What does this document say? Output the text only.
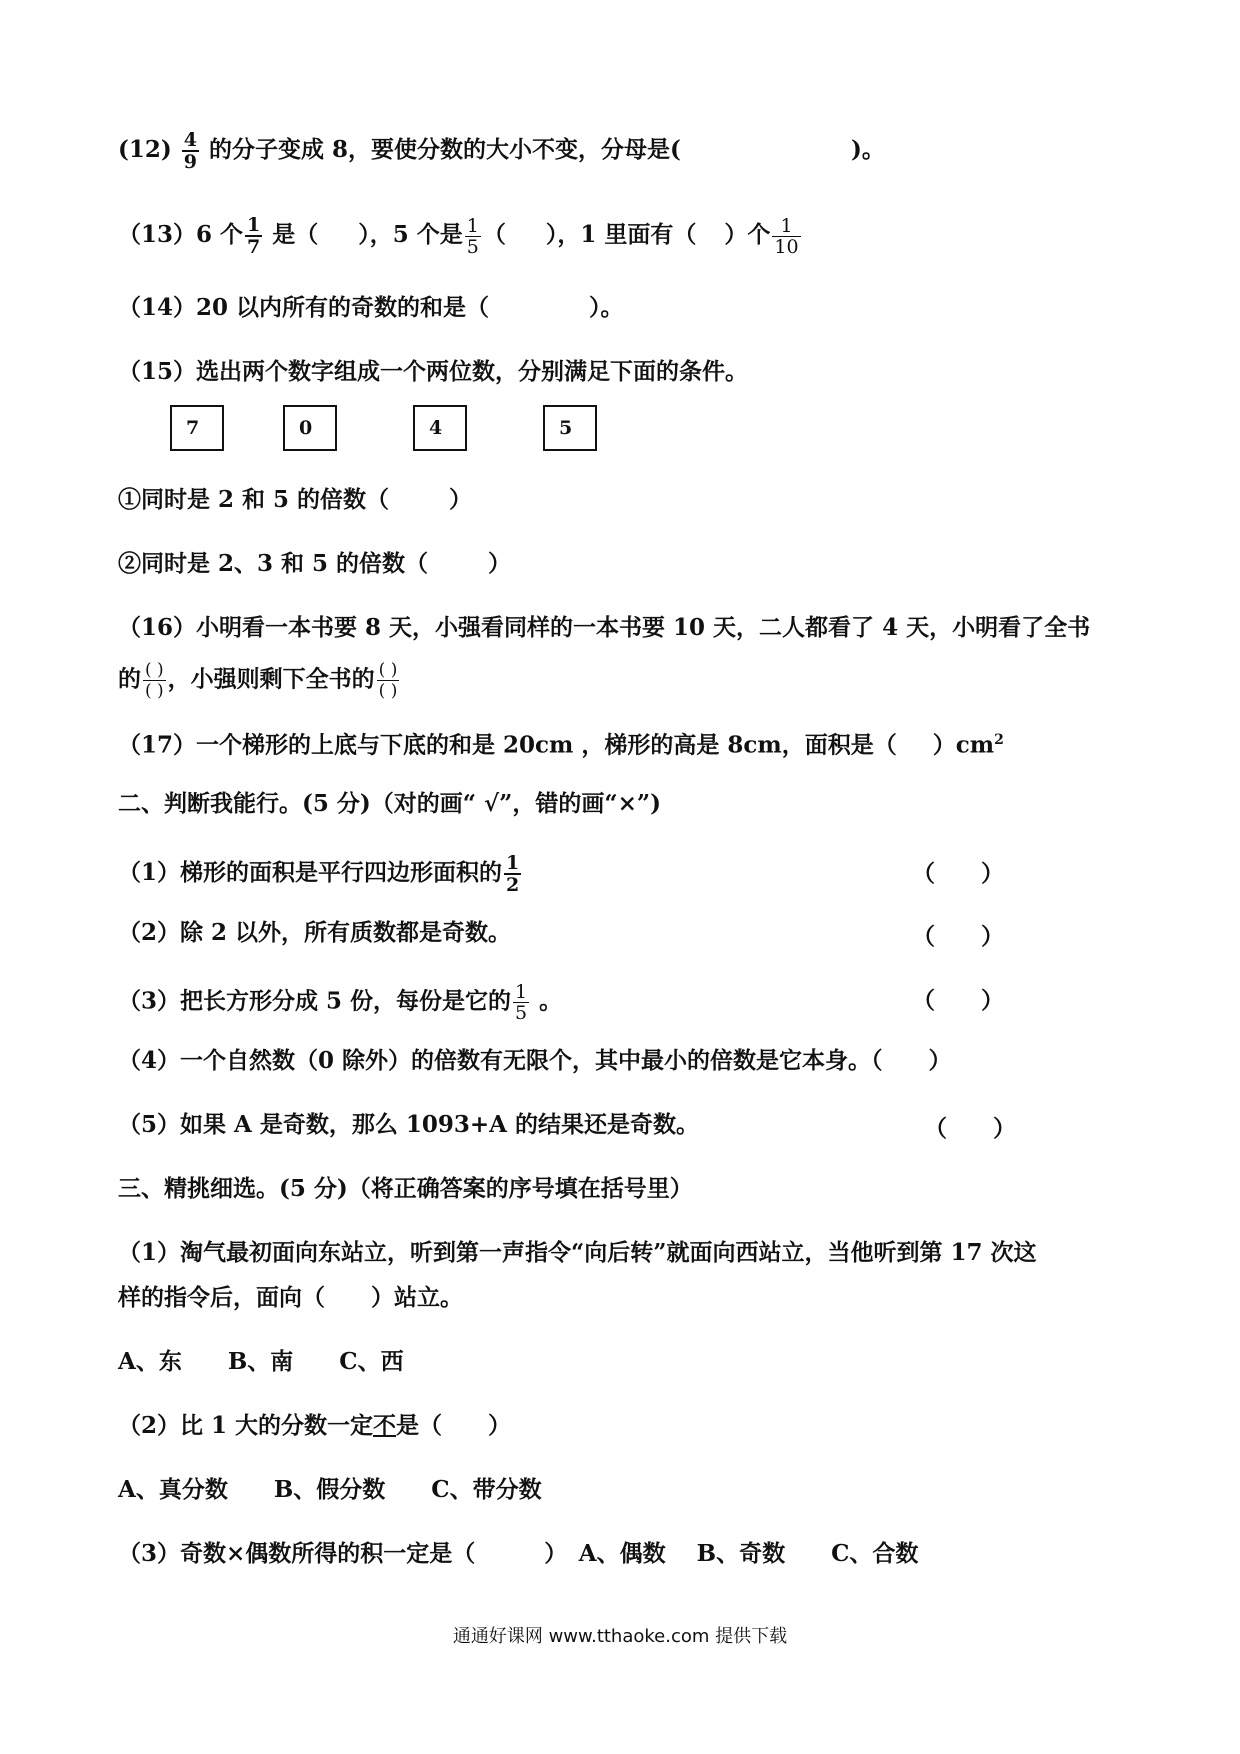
$(12) \frac{4}{9}$ 的分子变成 8，要使分数的大小不变，分母是(	)。
（13）6 个 $\frac{1}{7}$ 是（ ），5 个是 $\frac{1}{5}$ （ ），1 里面有（ ）个 $\frac{1}{10}$
（14）20 以内所有的奇数的和是（	）。
（15）选出两个数字组成一个两位数，分别满足下面的条件。
7	0	4	5
①同时是 2 和 5 的倍数（	）
②同时是 2、3 和 5 的倍数（	）
（16）小明看一本书要 8 天，小强看同样的一本书要 10 天，二人都看了 4 天，小明看了全书
的 $\frac{( )}{( )}$ ，小强则剩下全书的 $\frac{( )}{( )}$
（17）一个梯形的上底与下底的和是 20cm ，梯形的高是 8cm，面积是（ ）$cm^2$
二、判断我能行。(5 分)（对的画“ √”，错的画“×”)
（1）梯形的面积是平行四边形面积的 $\frac{1}{2}$	（　　）
（2）除 2 以外，所有质数都是奇数。	（　　）
（3）把长方形分成 5 份，每份是它的 $\frac{1}{5}$ 。	（　　）
（4）一个自然数（0 除外）的倍数有无限个，其中最小的倍数是它本身。（　　）
（5）如果 A 是奇数，那么 1093+A 的结果还是奇数。	（　　）
三、精挑细选。(5 分)（将正确答案的序号填在括号里）
（1）淘气最初面向东站立，听到第一声指令“向后转”就面向西站立，当他听到第 17 次这
样的指令后，面向（　　）站立。
A、东　　B、南　　C、西
（2）比 1 大的分数一定不是（　　）
A、真分数　　B、假分数　　C、带分数
（3）奇数×偶数所得的积一定是（　　　）　A、偶数　 B、奇数　　C、合数
通通好课网 www.tthaoke.com 提供下载
